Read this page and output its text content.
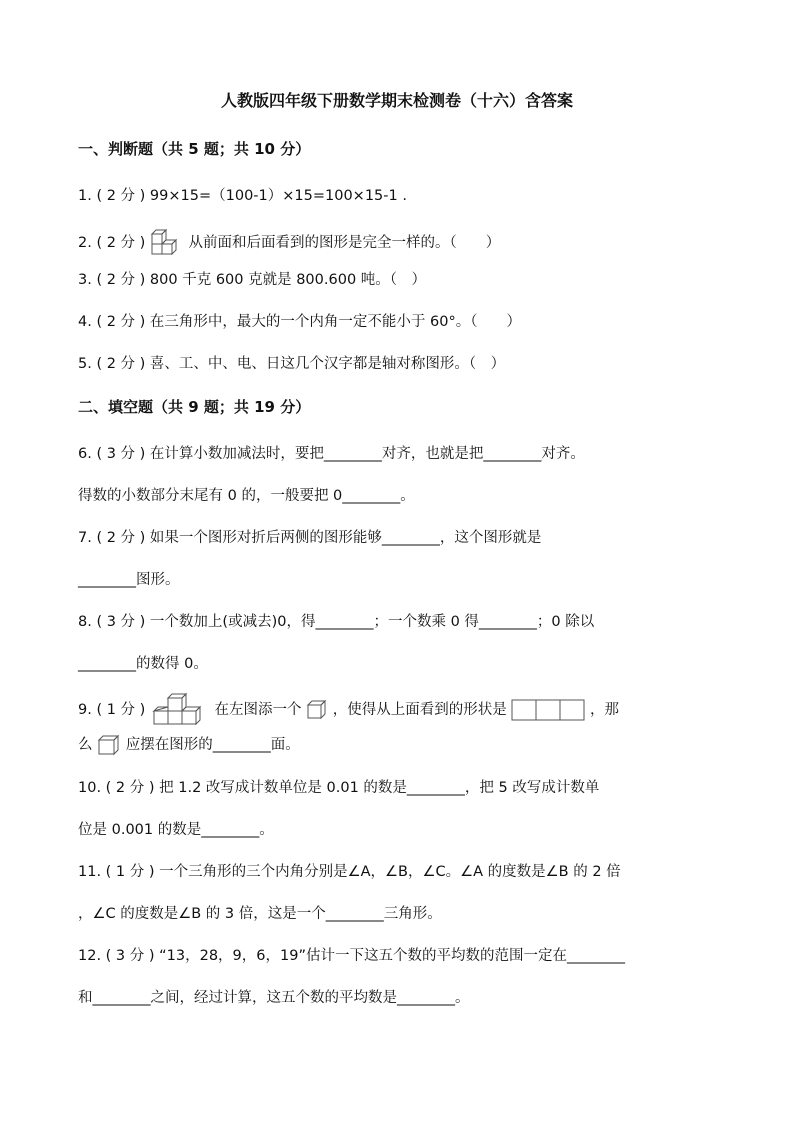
人教版四年级下册数学期末检测卷（十六）含答案
一、判断题（共 5 题；共 10 分）
1. ( 2 分 ) 99×15=（100-1）×15=100×15-1 .
2. ( 2 分 )	从前面和后面看到的图形是完全一样的。（　　）
3. ( 2 分 ) 800 千克 600 克就是 800.600 吨。（　）
4. ( 2 分 ) 在三角形中，最大的一个内角一定不能小于 60°。（　　）
5. ( 2 分 ) 喜、工、中、电、日这几个汉字都是轴对称图形。（　）
二、填空题（共 9 题；共 19 分）
6. ( 3 分 ) 在计算小数加减法时，要把________对齐，也就是把________对齐。
得数的小数部分末尾有 0 的，一般要把 0________。
7. ( 2 分 ) 如果一个图形对折后两侧的图形能够________，这个图形就是
________图形。
8. ( 3 分 ) 一个数加上(或减去)0，得________；一个数乘 0 得________；0 除以
________的数得 0。
9. ( 1 分 )	在左图添一个 ，使得从上面看到的形状是	，那
么 应摆在图形的________面。
10. ( 2 分 ) 把 1.2 改写成计数单位是 0.01 的数是________，把 5 改写成计数单
位是 0.001 的数是________。
11. ( 1 分 ) 一个三角形的三个内角分别是∠A，∠B，∠C。∠A 的度数是∠B 的 2 倍
，∠C 的度数是∠B 的 3 倍，这是一个________三角形。
12. ( 3 分 ) “13，28，9，6，19”估计一下这五个数的平均数的范围一定在________
和________之间，经过计算，这五个数的平均数是________。
